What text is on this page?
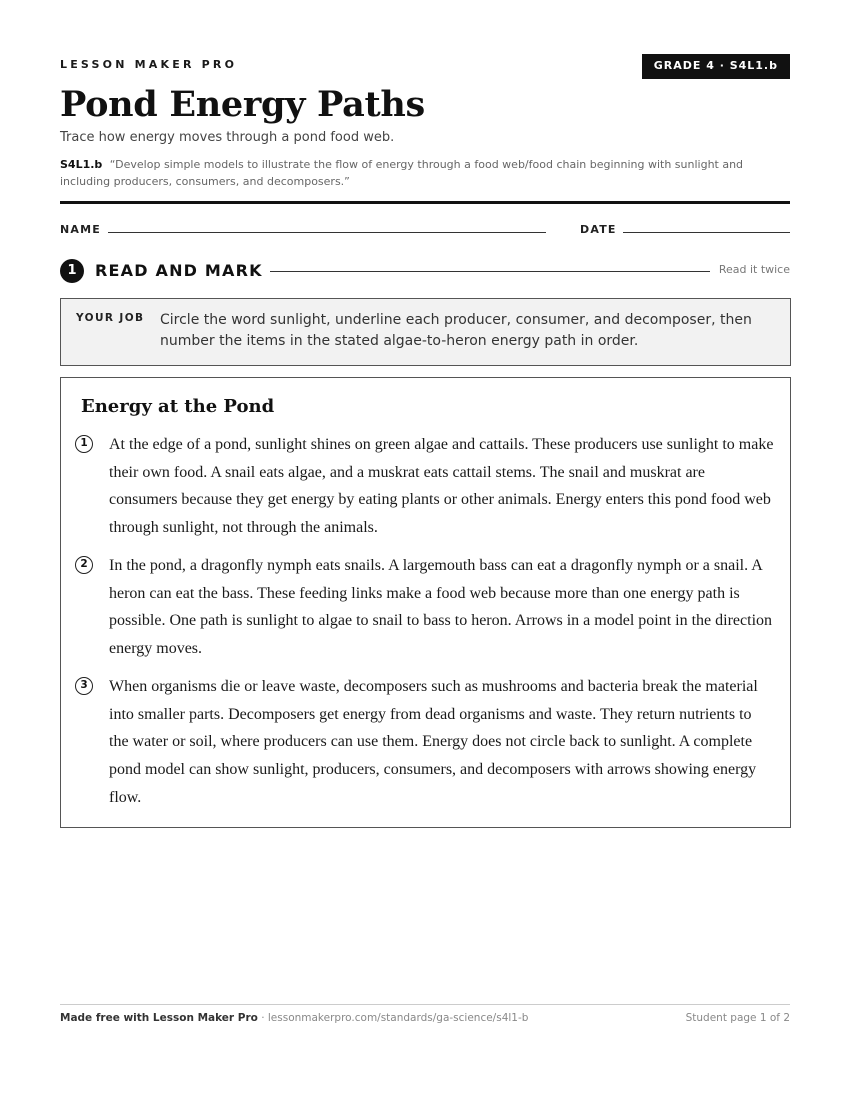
LESSON MAKER PRO	GRADE 4 · S4L1.b
Pond Energy Paths
Trace how energy moves through a pond food web.
S4L1.b “Develop simple models to illustrate the flow of energy through a food web/food chain beginning with sunlight and including producers, consumers, and decomposers.”
NAME	DATE
1	READ AND MARK	Read it twice
YOUR JOB Circle the word sunlight, underline each producer, consumer, and decomposer, then number the items in the stated algae-to-heron energy path in order.
Energy at the Pond
1	At the edge of a pond, sunlight shines on green algae and cattails. These producers use sunlight to make their own food. A snail eats algae, and a muskrat eats cattail stems. The snail and muskrat are consumers because they get energy by eating plants or other animals. Energy enters this pond food web through sunlight, not through the animals.
2	In the pond, a dragonfly nymph eats snails. A largemouth bass can eat a dragonfly nymph or a snail. A heron can eat the bass. These feeding links make a food web because more than one energy path is possible. One path is sunlight to algae to snail to bass to heron. Arrows in a model point in the direction energy moves.
3	When organisms die or leave waste, decomposers such as mushrooms and bacteria break the material into smaller parts. Decomposers get energy from dead organisms and waste. They return nutrients to the water or soil, where producers can use them. Energy does not circle back to sunlight. A complete pond model can show sunlight, producers, consumers, and decomposers with arrows showing energy flow.
Made free with Lesson Maker Pro · lessonmakerpro.com/standards/ga-science/s4l1-b	Student page 1 of 2
